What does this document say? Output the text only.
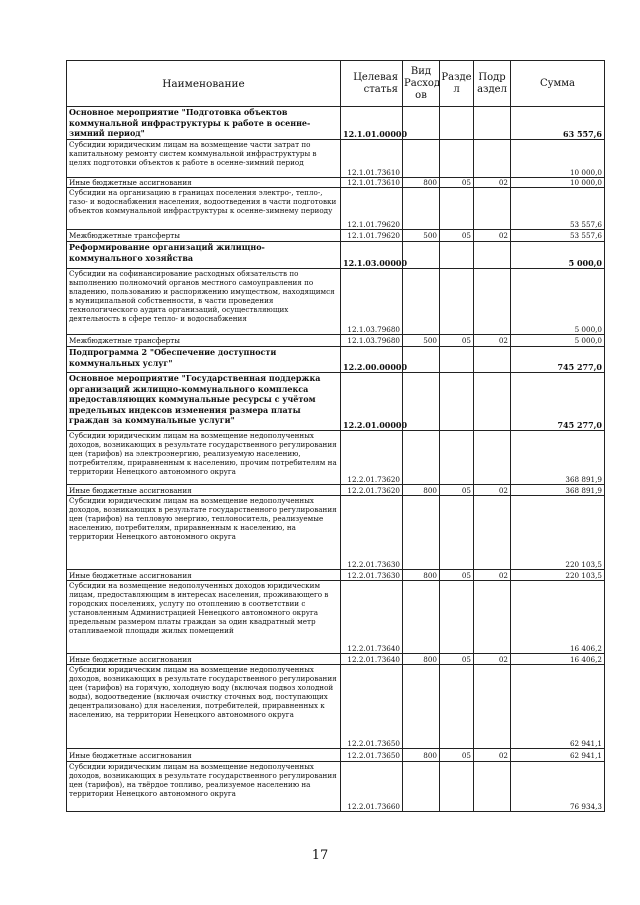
Наименование	Целевая статья	Вид Расход ов	Разде л	Подр аздел	Сумма
Основное мероприятие "Подготовка объектов коммунальной инфраструктуры к работе в осенне-зимний период"	12.1.01.00000				63 557,6
Субсидии юридическим лицам на возмещение части затрат по капитальному ремонту систем коммунальной инфраструктуры в целях подготовки объектов к работе в осенне-зимний период	12.1.01.73610				10 000,0
Иные бюджетные ассигнования	12.1.01.73610	800	05	02	10 000,0
Субсидии на организацию в границах поселения электро-, тепло-, газо- и водоснабжения населения, водоотведения в части подготовки объектов коммунальной инфраструктуры к осенне-зимнему периоду	12.1.01.79620				53 557,6
Межбюджетные трансферты	12.1.01.79620	500	05	02	53 557,6
Реформирование организаций жилищно-коммунального хозяйства	12.1.03.00000				5 000,0
Субсидии на софинансирование расходных обязательств по выполнению полномочий органов местного самоуправления по владению, пользованию и распоряжению имуществом, находящимся в муниципальной собственности, в части проведения технологического аудита организаций, осуществляющих деятельность в сфере тепло- и водоснабжения	12.1.03.79680				5 000,0
Межбюджетные трансферты	12.1.03.79680	500	05	02	5 000,0
Подпрограмма 2 "Обеспечение доступности коммунальных услуг"	12.2.00.00000				745 277,0
Основное мероприятие "Государственная поддержка организаций жилищно-коммунального комплекса предоставляющих коммунальные ресурсы с учётом предельных индексов изменения размера платы граждан за коммунальные услуги"	12.2.01.00000				745 277,0
Субсидии юридическим лицам на возмещение недополученных доходов, возникающих в результате государственного регулирования цен (тарифов) на электроэнергию, реализуемую населению, потребителям, приравненным к населению, прочим потребителям на территории Ненецкого автономного округа	12.2.01.73620				368 891,9
Иные бюджетные ассигнования	12.2.01.73620	800	05	02	368 891,9
Субсидии юридическим лицам на возмещение недополученных доходов, возникающих в результате государственного регулирования цен (тарифов) на тепловую энергию, теплоноситель, реализуемые населению, потребителям, приравненным к населению, на территории Ненецкого автономного округа	12.2.01.73630				220 103,5
Иные бюджетные ассигнования	12.2.01.73630	800	05	02	220 103,5
Субсидии на возмещение недополученных доходов юридическим лицам, предоставляющим в интересах населения, проживающего в городских поселениях, услугу по отоплению в соответствии с установленным Администрацией Ненецкого автономного округа предельным размером платы граждан за один квадратный метр отапливаемой площади жилых помещений	12.2.01.73640				16 406,2
Иные бюджетные ассигнования	12.2.01.73640	800	05	02	16 406,2
Субсидии юридическим лицам на возмещение недополученных доходов, возникающих в результате государственного регулирования цен (тарифов) на горячую, холодную воду (включая подвоз холодной воды), водоотведение (включая очистку сточных вод, поступающих децентрализовано) для населения, потребителей, приравненных к населению, на территории Ненецкого автономного округа	12.2.01.73650				62 941,1
Иные бюджетные ассигнования	12.2.01.73650	800	05	02	62 941,1
Субсидии юридическим лицам на возмещение недополученных доходов, возникающих в результате государственного регулирования цен (тарифов), на твёрдое топливо, реализуемое населению на территории Ненецкого автономного округа	12.2.01.73660				76 934,3
17
